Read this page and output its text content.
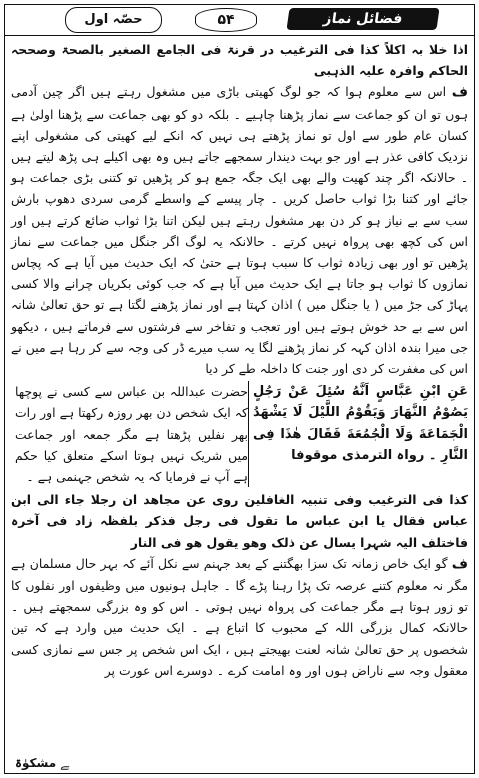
فضائل نماز
۵۴
حصّہ اول

اذا خلا بہ اکلاً کذا فی الترغیب در قرنۃ فی الجامع الصغیر بالصحۃ وصححہ الحاکم وافرہ علیہ الذہبی

ف اس سے معلوم ہوا کہ جو لوگ کھیتی باڑی میں مشغول رہتے ہیں اگر چین آدمی ہوں تو ان کو جماعت سے نماز پڑھنا چاہیے ۔ بلکہ دو کو بھی جماعت سے پڑھنا اولیٰ ہے کسان عام طور سے اول تو نماز پڑھتے ہی نہیں کہ انکے لیے کھیتی کی مشغولی اپنے نزدیک کافی عذر ہے اور جو بہت دیندار سمجھے جاتے ہیں وہ بھی اکیلے ہی پڑھ لیتے ہیں ۔ حالانکہ اگر چند کھیت والے بھی ایک جگہ جمع ہو کر پڑھیں تو کتنی بڑی جماعت ہو جائے اور کتنا بڑا ثواب حاصل کریں ۔ چار پیسے کے واسطے گرمی سردی دھوپ بارش سب سے بے نیاز ہو کر دن بھر مشغول رہتے ہیں لیکن اتنا بڑا ثواب ضائع کرتے ہیں اور اس کی کچھ بھی پرواہ نہیں کرتے ۔ حالانکہ یہ لوگ اگر جنگل میں جماعت سے نماز پڑھیں تو اور بھی زیادہ ثواب کا سبب ہوتا ہے حتیٰ کہ ایک حدیث میں آیا ہے کہ پچاس نمازوں کا ثواب ہو جاتا ہے ایک حدیث میں آیا ہے کہ جب کوئی بکریاں چرانے والا کسی پہاڑ کی جڑ میں ( یا جنگل میں ) اذان کہتا ہے اور نماز پڑھنے لگتا ہے تو حق تعالیٰ شانہ اس سے بے حد خوش ہوتے ہیں اور تعجب و تفاخر سے فرشتوں سے فرماتے ہیں ، دیکھو جی میرا بندہ اذان کہہ کر نماز پڑھنے لگا یہ سب میرے ڈر کی وجہ سے کر رہا ہے میں نے اس کی مغفرت کر دی اور جنت کا داخلہ طے کر دیا

عَنِ ابْنِ عَبَّاسٍ اَنَّهُ سُئِلَ عَنْ رَجُلٍ يَصُوْمُ النَّهَارَ وَيَقُوْمُ اللَّيْلَ لَا يَشْهَدُ الْجَمَاعَةَ وَلَا الْجُمُعَةَ فَقَالَ هٰذَا فِى النَّارِ ۔ رواہ الترمذی موقوفا
حضرت عبداللہ بن عباس سے کسی نے پوچھا کہ ایک شخص دن بھر روزہ رکھتا ہے اور رات بھر نفلیں پڑھتا ہے مگر جمعہ اور جماعت میں شریک نہیں ہوتا اسکے متعلق کیا حکم ہے آپ نے فرمایا کہ یہ شخص جہنمی ہے ۔

کذا فی الترغیب وفی تنبیہ الغافلین روی عن مجاهد ان رجلا جاء الی ابن عباس فقال یا ابن عباس ما تقول فی رجل فذکر بلفظہ زاد فی آخرہ فاختلف الیہ شہرا یسال عن ذلک وهو یقول هو فی النار

ف گو ایک خاص زمانہ تک سزا بھگتنے کے بعد جہنم سے نکل آئے کہ بہر حال مسلمان ہے مگر نہ معلوم کتنے عرصہ تک پڑا رہنا پڑے گا ۔ جاہل ہونیوں میں وظیفوں اور نفلوں کا تو زور ہوتا ہے مگر جماعت کی پرواہ نہیں ہوتی ۔ اس کو وہ بزرگی سمجھتے ہیں ۔ حالانکہ کمال بزرگی اللہ کے محبوب کا اتباع ہے ۔ ایک حدیث میں وارد ہے کہ تین شخصوں پر حق تعالیٰ شانہ لعنت بھیجتے ہیں ، ایک اس شخص پر جس سے نمازی کسی معقول وجہ سے ناراض ہوں اور وہ امامت کرے ۔ دوسرے اس عورت پر

ﮯ مشکوٰۃ
